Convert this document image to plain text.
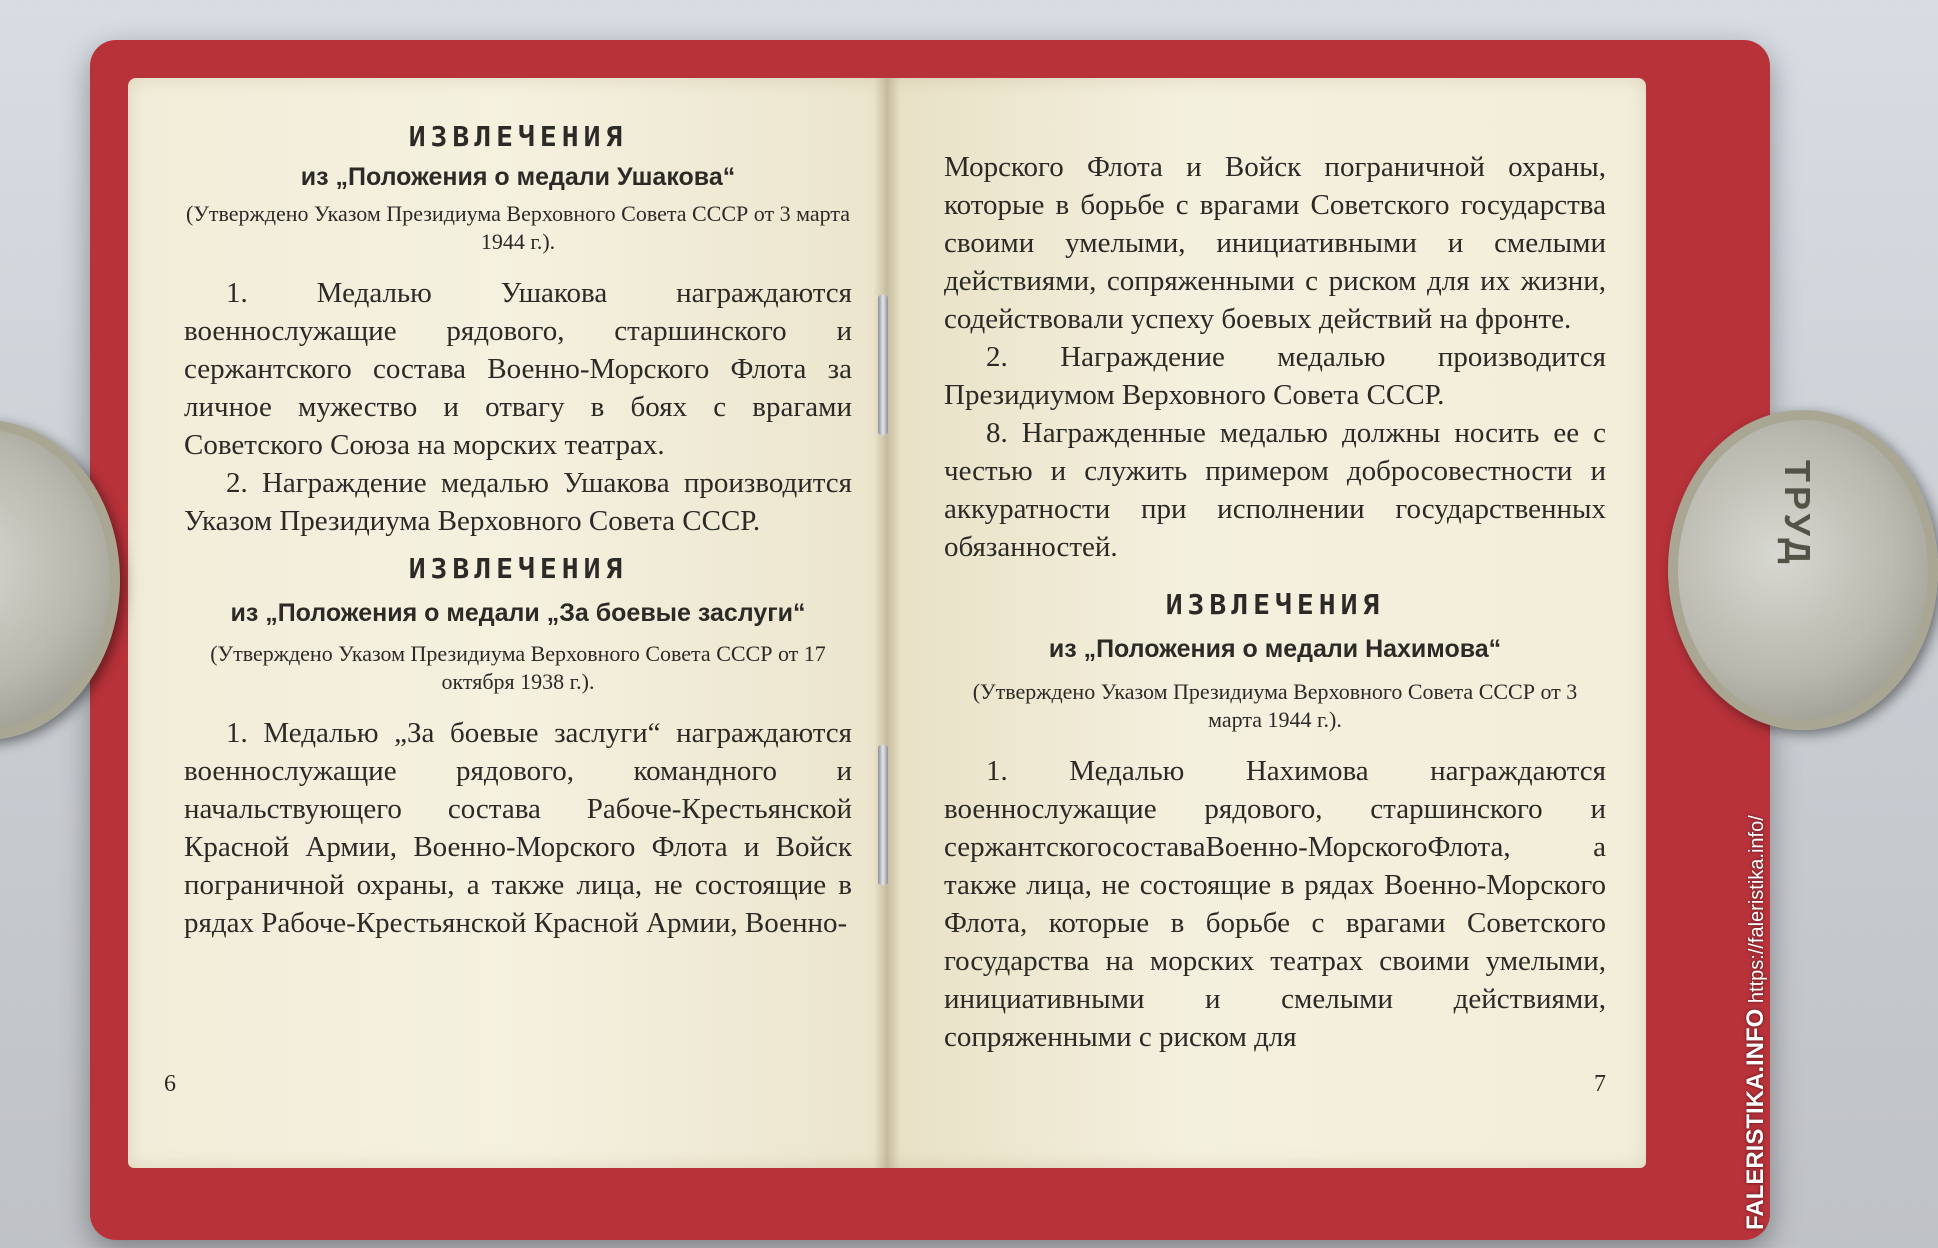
ИЗВЛЕЧЕНИЯ
из „Положения о медали Ушакова“
(Утверждено Указом Президиума Верховного Совета СССР от 3 марта 1944 г.).

1. Медалью Ушакова награждаются военнослужащие рядового, старшинского и сержантского состава Военно-Морского Флота за личное мужество и отвагу в боях с врагами Советского Союза на морских театрах.

2. Награждение медалью Ушакова производится Указом Президиума Верховного Совета СССР.

ИЗВЛЕЧЕНИЯ
из „Положения о медали „За боевые заслуги“
(Утверждено Указом Президиума Верховного Совета СССР от 17 октября 1938 г.).

1. Медалью „За боевые заслуги“ награждаются военнослужащие рядового, командного и начальствующего состава Рабоче-Крестьянской Красной Армии, Военно-Морского Флота и Войск пограничной охраны, а также лица, не состоящие в рядах Рабоче-Крестьянской Красной Армии, Военно-

6

Морского Флота и Войск пограничной охраны, которые в борьбе с врагами Советского государства своими умелыми, инициативными и смелыми действиями, сопряженными с риском для их жизни, содействовали успеху боевых действий на фронте.

2. Награждение медалью производится Президиумом Верховного Совета СССР.

8. Награжденные медалью должны носить ее с честью и служить примером добросовестности и аккуратности при исполнении государственных обязанностей.

ИЗВЛЕЧЕНИЯ
из „Положения о медали Нахимова“
(Утверждено Указом Президиума Верховного Совета СССР от 3 марта 1944 г.).

1. Медалью Нахимова награждаются военнослужащие рядового, старшинского и сержантскогосоставаВоенно-МорскогоФлота, а также лица, не состоящие в рядах Военно-Морского Флота, которые в борьбе с врагами Советского государства на морских театрах своими умелыми, инициативными и смелыми действиями, сопряженными с риском для

7
ТРУД
FALERISTIKA.INFO https://faleristika.info/
